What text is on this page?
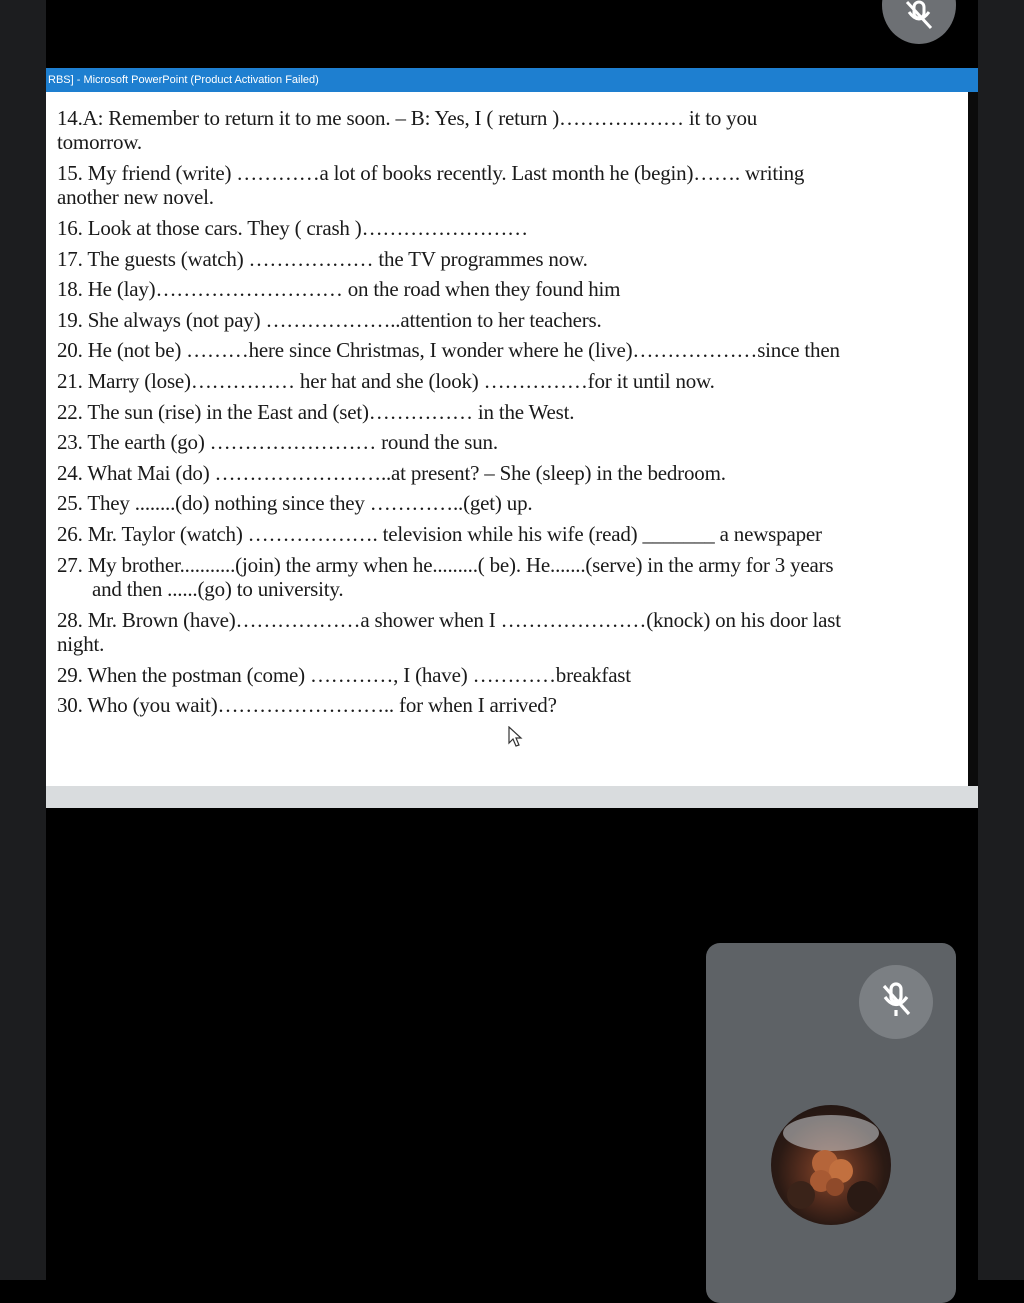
RBS] - Microsoft PowerPoint (Product Activation Failed)
14.A: Remember to return it to me soon. – B: Yes, I ( return )……………… it to you
tomorrow.
15. My friend (write) …………a lot of books recently. Last month he (begin)……. writing
another new novel.
16. Look at those cars. They ( crash )……………………
17. The guests (watch) ……………… the TV programmes now.
18. He (lay)……………………… on the road when they found him
19. She always (not pay) ………………..attention to her teachers.
20. He (not be) ………here since Christmas, I wonder where he (live)………………since then
21. Marry (lose)…………… her hat and she (look) ……………for it until now.
22. The sun (rise) in the East and (set)…………… in the West.
23. The earth (go) …………………… round the sun.
24. What Mai (do) ……………………..at present? – She (sleep) in the bedroom.
25. They ........(do) nothing since they …………..(get) up.
26. Mr. Taylor (watch) ………………. television while his wife (read) _______ a newspaper
27. My brother...........(join) the army when he.........( be). He.......(serve) in the army for 3 years
and then ......(go) to university.
28. Mr. Brown (have)………………a shower when I …………………(knock) on his door last
night.
29. When the postman (come) …………, I (have) …………breakfast
30. Who (you wait)…………………….. for when I arrived?
